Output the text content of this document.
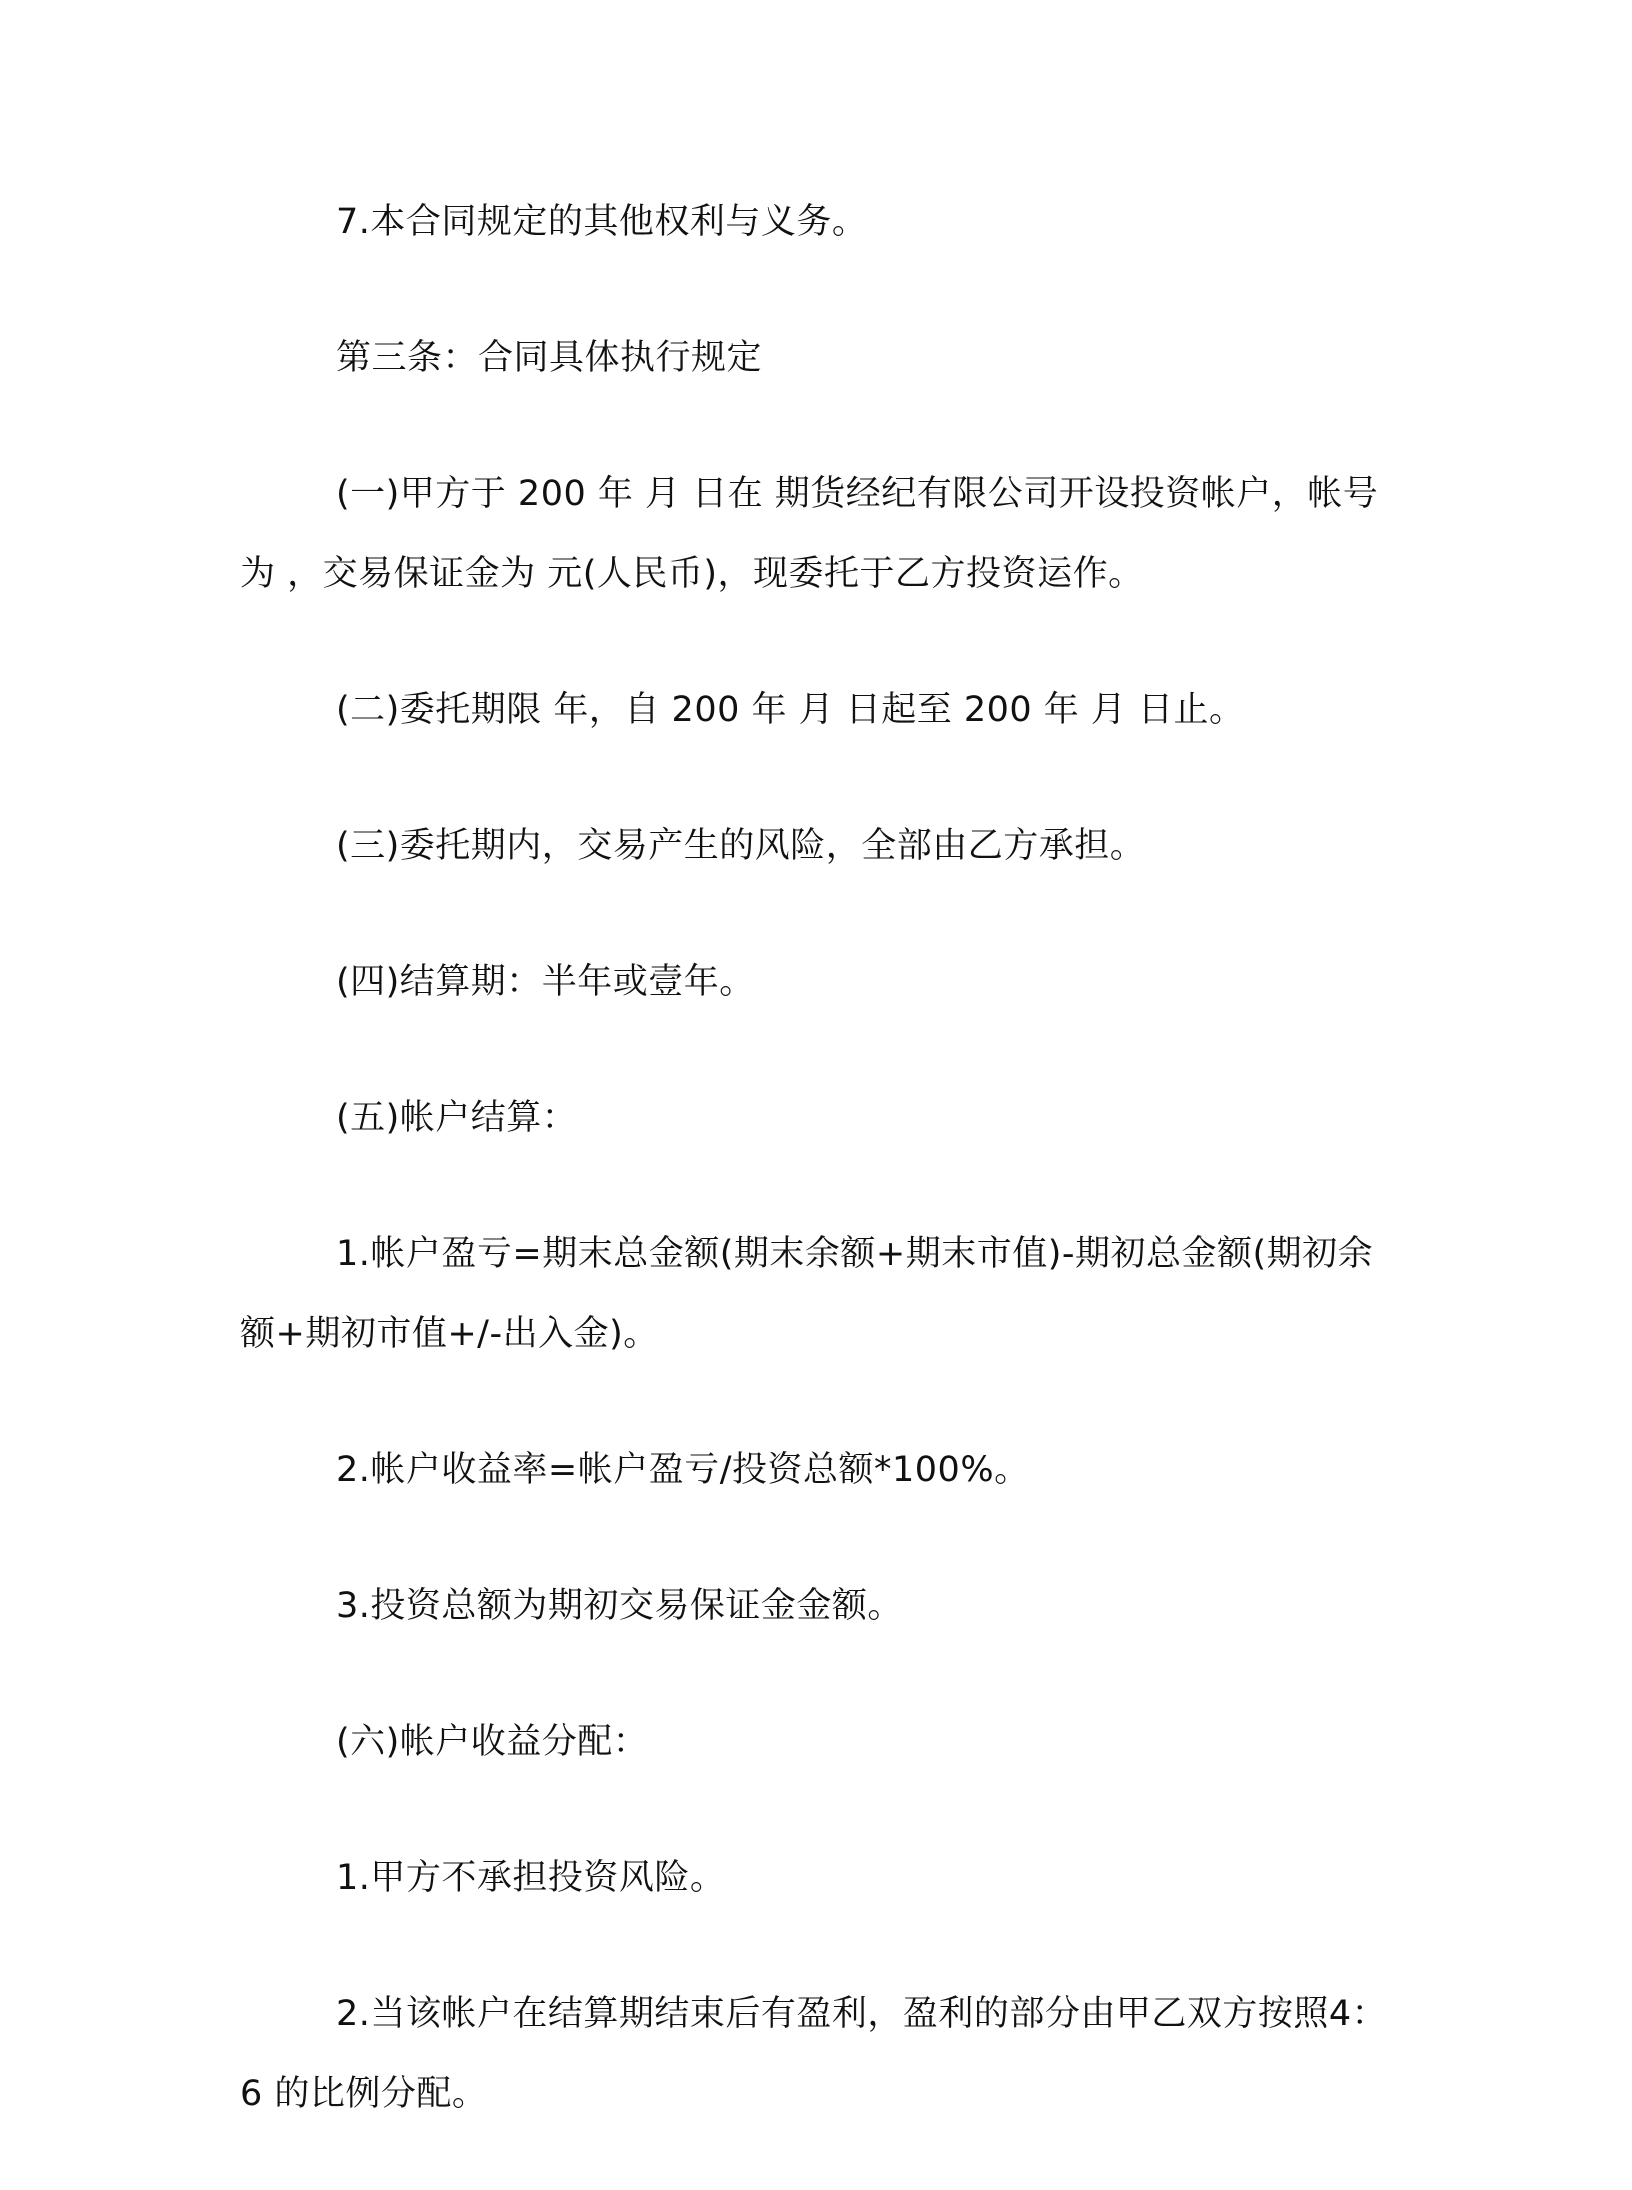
7.本合同规定的其他权利与义务。

第三条：合同具体执行规定

(一)甲方于 200 年 月 日在 期货经纪有限公司开设投资帐户，帐号为 ，交易保证金为 元(人民币)，现委托于乙方投资运作。

(二)委托期限 年，自 200 年 月 日起至 200 年 月 日止。

(三)委托期内，交易产生的风险，全部由乙方承担。

(四)结算期：半年或壹年。

(五)帐户结算：

1.帐户盈亏=期末总金额(期末余额+期末市值)-期初总金额(期初余额+期初市值+/-出入金)。

2.帐户收益率=帐户盈亏/投资总额*100%。

3.投资总额为期初交易保证金金额。

(六)帐户收益分配：

1.甲方不承担投资风险。

2.当该帐户在结算期结束后有盈利，盈利的部分由甲乙双方按照4：6 的比例分配。
